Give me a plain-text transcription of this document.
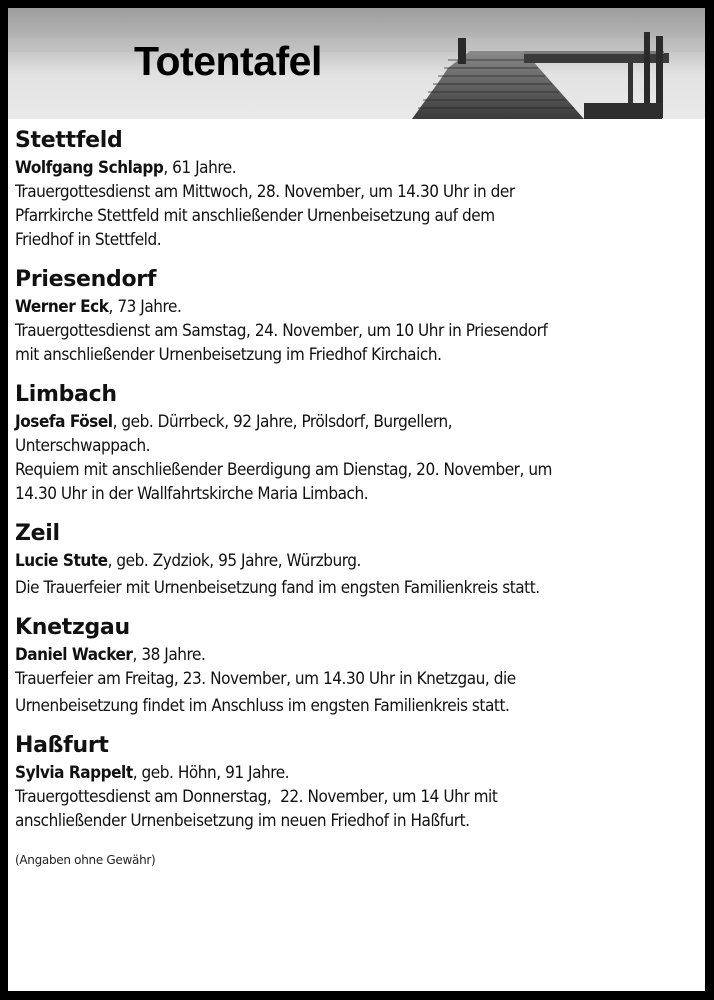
Totentafel
Stettfeld
Wolfgang Schlapp, 61 Jahre.
Trauergottesdienst am Mittwoch, 28. November, um 14.30 Uhr in der
Pfarrkirche Stettfeld mit anschließender Urnenbeisetzung auf dem
Friedhof in Stettfeld.
Priesendorf
Werner Eck, 73 Jahre.
Trauergottesdienst am Samstag, 24. November, um 10 Uhr in Priesendorf
mit anschließender Urnenbeisetzung im Friedhof Kirchaich.
Limbach
Josefa Fösel, geb. Dürrbeck, 92 Jahre, Prölsdorf, Burgellern,
Unterschwappach.
Requiem mit anschließender Beerdigung am Dienstag, 20. November, um
14.30 Uhr in der Wallfahrtskirche Maria Limbach.
Zeil
Lucie Stute, geb. Zydziok, 95 Jahre, Würzburg.
Die Trauerfeier mit Urnenbeisetzung fand im engsten Familienkreis statt.
Knetzgau
Daniel Wacker, 38 Jahre.
Trauerfeier am Freitag, 23. November, um 14.30 Uhr in Knetzgau, die
Urnenbeisetzung findet im Anschluss im engsten Familienkreis statt.
Haßfurt
Sylvia Rappelt, geb. Höhn, 91 Jahre.
Trauergottesdienst am Donnerstag,  22. November, um 14 Uhr mit
anschließender Urnenbeisetzung im neuen Friedhof in Haßfurt.
(Angaben ohne Gewähr)
